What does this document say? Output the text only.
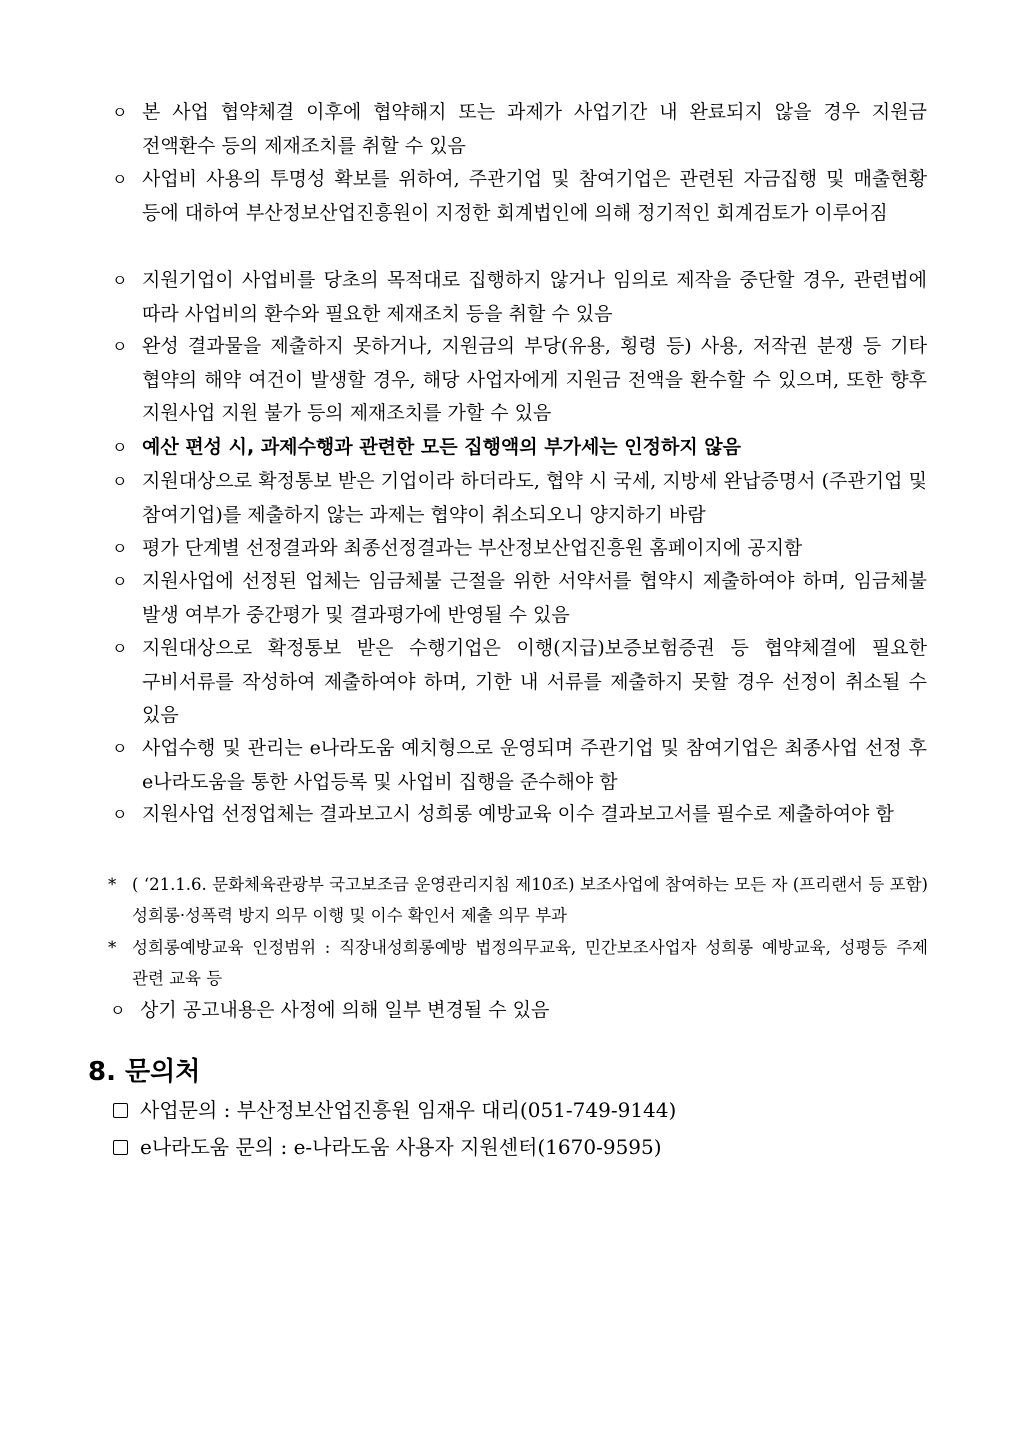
ㅇ 본 사업 협약체결 이후에 협약해지 또는 과제가 사업기간 내 완료되지 않을 경우 지원금 전액환수 등의 제재조치를 취할 수 있음
ㅇ 사업비 사용의 투명성 확보를 위하여, 주관기업 및 참여기업은 관련된 자금집행 및 매출현황 등에 대하여 부산정보산업진흥원이 지정한 회계법인에 의해 정기적인 회계검토가 이루어짐
ㅇ 지원기업이 사업비를 당초의 목적대로 집행하지 않거나 임의로 제작을 중단할 경우, 관련법에 따라 사업비의 환수와 필요한 제재조치 등을 취할 수 있음
ㅇ 완성 결과물을 제출하지 못하거나, 지원금의 부당(유용, 횡령 등) 사용, 저작권 분쟁 등 기타 협약의 해약 여건이 발생할 경우, 해당 사업자에게 지원금 전액을 환수할 수 있으며, 또한 향후 지원사업 지원 불가 등의 제재조치를 가할 수 있음
ㅇ 예산 편성 시, 과제수행과 관련한 모든 집행액의 부가세는 인정하지 않음
ㅇ 지원대상으로 확정통보 받은 기업이라 하더라도, 협약 시 국세, 지방세 완납증명서 (주관기업 및 참여기업)를 제출하지 않는 과제는 협약이 취소되오니 양지하기 바람
ㅇ 평가 단계별 선정결과와 최종선정결과는 부산정보산업진흥원 홈페이지에 공지함
ㅇ 지원사업에 선정된 업체는 임금체불 근절을 위한 서약서를 협약시 제출하여야 하며, 임금체불 발생 여부가 중간평가 및 결과평가에 반영될 수 있음
ㅇ 지원대상으로 확정통보 받은 수행기업은 이행(지급)보증보험증권 등 협약체결에 필요한 구비서류를 작성하여 제출하여야 하며, 기한 내 서류를 제출하지 못할 경우 선정이 취소될 수 있음
ㅇ 사업수행 및 관리는 e나라도움 예치형으로 운영되며 주관기업 및 참여기업은 최종사업 선정 후 e나라도움을 통한 사업등록 및 사업비 집행을 준수해야 함
ㅇ 지원사업 선정업체는 결과보고시 성희롱 예방교육 이수 결과보고서를 필수로 제출하여야 함
* ( ‘21.1.6. 문화체육관광부 국고보조금 운영관리지침 제10조) 보조사업에 참여하는 모든 자 (프리랜서 등 포함) 성희롱·성폭력 방지 의무 이행 및 이수 확인서 제출 의무 부과
* 성희롱예방교육 인정범위 : 직장내성희롱예방 법정의무교육, 민간보조사업자 성희롱 예방교육, 성평등 주제 관련 교육 등
ㅇ 상기 공고내용은 사정에 의해 일부 변경될 수 있음
8. 문의처
사업문의 : 부산정보산업진흥원 임재우 대리(051-749-9144)
e나라도움 문의 : e-나라도움 사용자 지원센터(1670-9595)
